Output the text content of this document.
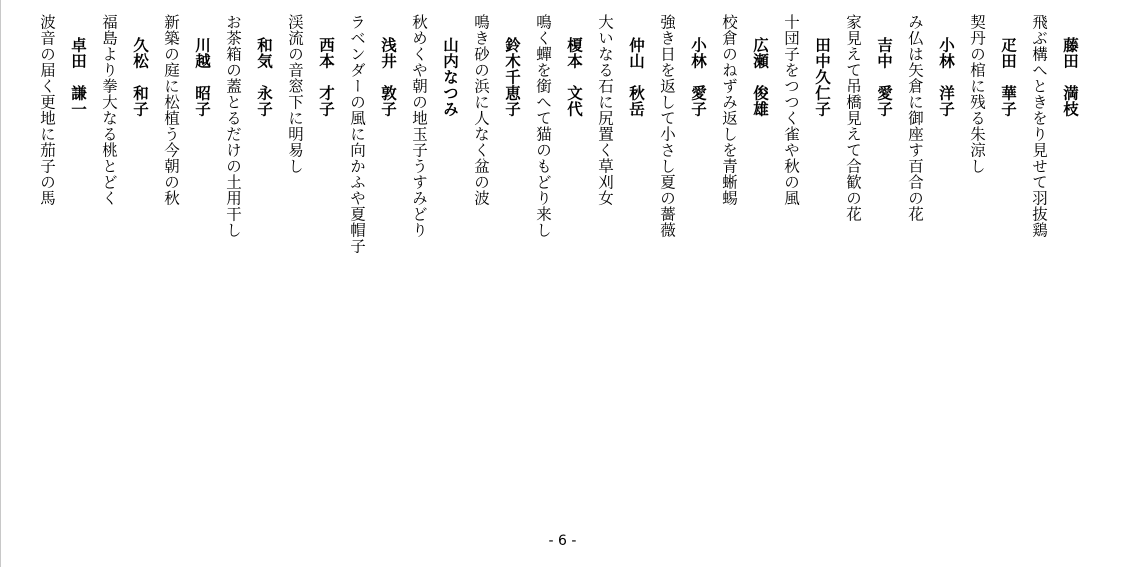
藤田　満枝
飛ぶ構へときをり見せて羽抜鶏
疋田　華子
契丹の棺に残る朱涼し
小林　洋子
み仏は矢倉に御座す百合の花
吉中　愛子
家見えて吊橋見えて合歓の花
田中久仁子
十団子をつつく雀や秋の風
広瀬　俊雄
校倉のねずみ返しを青蜥蜴
小林　愛子
強き日を返して小さし夏の薔薇
仲山　秋岳
大いなる石に尻置く草刈女
榎本　文代
鳴く蟬を銜へて猫のもどり来し
鈴木千恵子
鳴き砂の浜に人なく盆の波
山内なつみ
秋めくや朝の地玉子うすみどり
浅井　敦子
ラベンダーの風に向かふや夏帽子
西本　才子
渓流の音窓下に明易し
和気　永子
お茶箱の蓋とるだけの土用干し
川越　昭子
新築の庭に松植う今朝の秋
久松　和子
福島より拳大なる桃とどく
卓田　謙一
波音の届く更地に茄子の馬
- 6 -
